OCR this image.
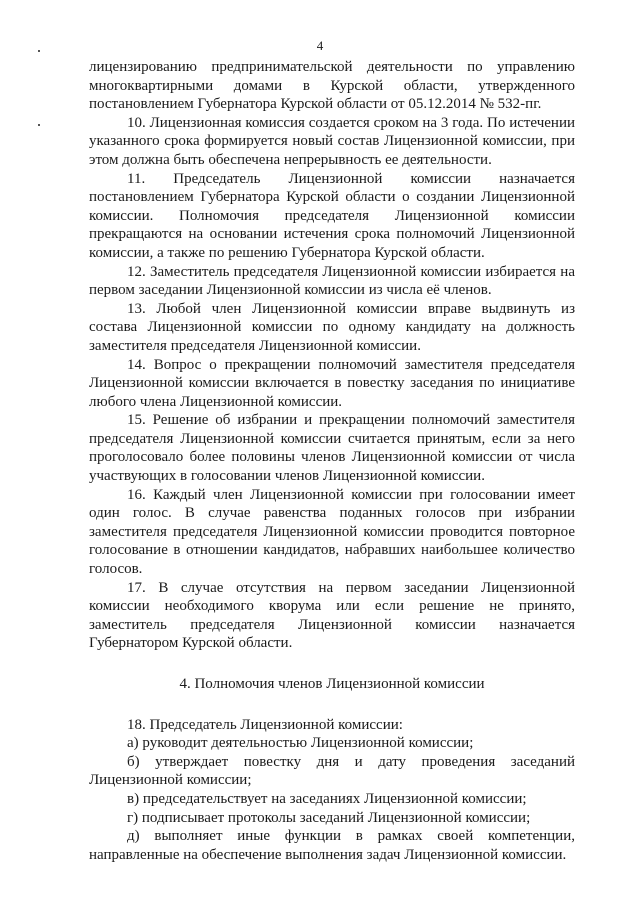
4

лицензированию предпринимательской деятельности по управлению многоквартирными домами в Курской области, утвержденного постановлением Губернатора Курской области от 05.12.2014 № 532-пг.

10. Лицензионная комиссия создается сроком на 3 года. По истечении указанного срока формируется новый состав Лицензионной комиссии, при этом должна быть обеспечена непрерывность ее деятельности.

11. Председатель Лицензионной комиссии назначается постановлением Губернатора Курской области о создании Лицензионной комиссии. Полномочия председателя Лицензионной комиссии прекращаются на основании истечения срока полномочий Лицензионной комиссии, а также по решению Губернатора Курской области.

12. Заместитель председателя Лицензионной комиссии избирается на первом заседании Лицензионной комиссии из числа её членов.

13. Любой член Лицензионной комиссии вправе выдвинуть из состава Лицензионной комиссии по одному кандидату на должность заместителя председателя Лицензионной комиссии.

14. Вопрос о прекращении полномочий заместителя председателя Лицензионной комиссии включается в повестку заседания по инициативе любого члена Лицензионной комиссии.

15. Решение об избрании и прекращении полномочий заместителя председателя Лицензионной комиссии считается принятым, если за него проголосовало более половины членов Лицензионной комиссии от числа участвующих в голосовании членов Лицензионной комиссии.

16. Каждый член Лицензионной комиссии при голосовании имеет один голос. В случае равенства поданных голосов при избрании заместителя председателя Лицензионной комиссии проводится повторное голосование в отношении кандидатов, набравших наибольшее количество голосов.

17. В случае отсутствия на первом заседании Лицензионной комиссии необходимого кворума или если решение не принято, заместитель председателя Лицензионной комиссии назначается Губернатором Курской области.

4. Полномочия членов Лицензионной комиссии

18. Председатель Лицензионной комиссии:

а) руководит деятельностью Лицензионной комиссии;

б) утверждает повестку дня и дату проведения заседаний Лицензионной комиссии;

в) председательствует на заседаниях Лицензионной комиссии;

г) подписывает протоколы заседаний Лицензионной комиссии;

д) выполняет иные функции в рамках своей компетенции, направленные на обеспечение выполнения задач Лицензионной комиссии.
